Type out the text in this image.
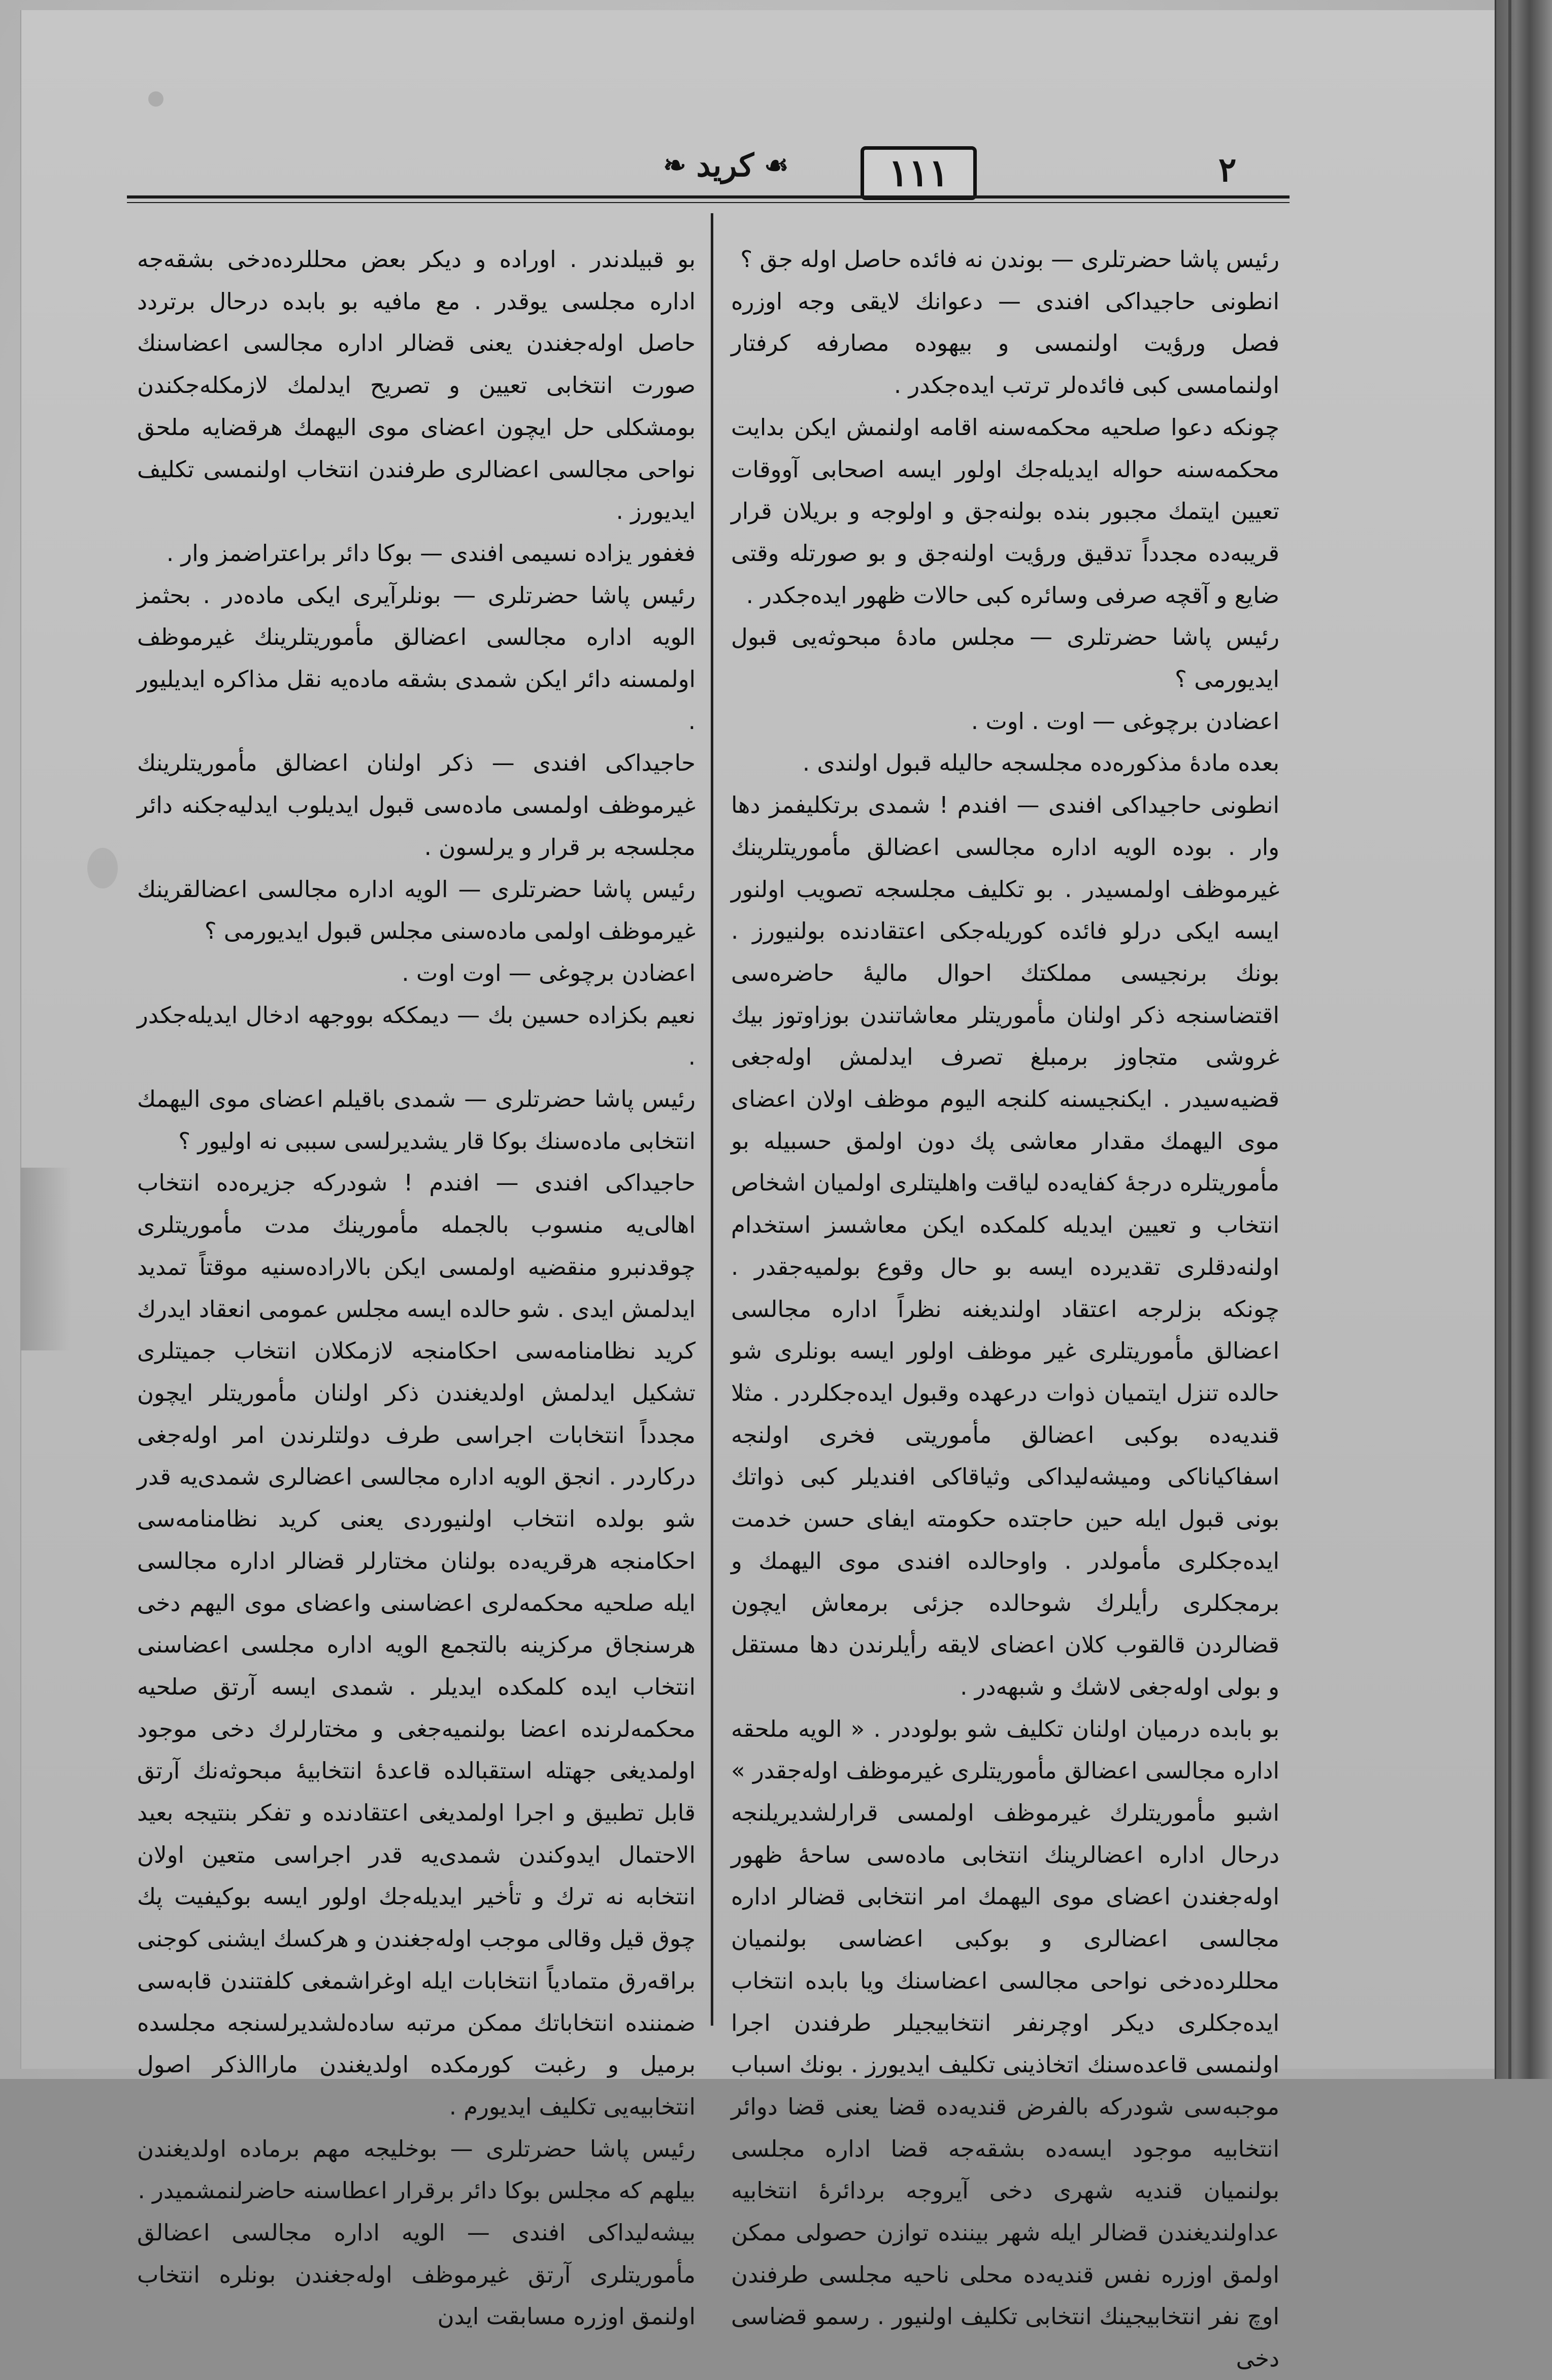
٢
❧ کرید ☙	١١١

رئیس پاشا حضرتلری — بوندن نه فائده حاصل اوله جق ؟

انطونی حاجیداکی افندی — دعوانك لایقی وجه اوزره فصل ورؤیت اولنمسی و بیهوده مصارفه کرفتار اولنمامسی کبی فائده‌لر ترتب ایده‌جکدر .

چونکه دعوا صلحیه محکمه‌سنه اقامه اولنمش ایکن بدایت محکمه‌سنه حواله ایدیله‌جك اولور ایسه اصحابی آووقات تعیین ایتمك مجبور بنده بولنه‌جق و اولوجه و بریلان قرار قریبه‌ده مجدداً تدقیق ورؤیت اولنه‌جق و بو صورتله وقتی ضایع و آقچه صرفی وسائره کبی حالات ظهور ایده‌جکدر .

رئیس پاشا حضرتلری — مجلس مادهٔ مبحوثه‌یی قبول ایدیورمی ؟

اعضادن برچوغی — اوت . اوت .

بعده مادهٔ مذکوره‌ده مجلسجه حالیله قبول اولندی .

انطونی حاجیداکی افندی — افندم ! شمدی برتکلیفمز دها وار . بوده الویه اداره مجالسی اعضالق مأموریتلرینك غیرموظف اولمسیدر . بو تکلیف مجلسجه تصویب اولنور ایسه ایکی درلو فائده کوریله‌جکی اعتقادنده بولنیورز . بونك برنجیسی مملکتك احوال مالیهٔ حاضره‌سی اقتضاسنجه ذکر اولنان مأموریتلر معاشاتندن بوزاوتوز بیك غروشی متجاوز برمبلغ تصرف ایدلمش اوله‌جغی قضیه‌سیدر . ایکنجیسنه کلنجه الیوم موظف اولان اعضای موی الیهمك مقدار معاشی پك دون اولمق حسبیله بو مأموریتلره درجهٔ کفایه‌ده لیاقت واهلیتلری اولمیان اشخاص انتخاب و تعیین ایدیله کلمکده ایکن معاشسز استخدام اولنه‌دقلری تقدیرده ایسه بو حال وقوع بولمیه‌جقدر . چونکه بزلرجه اعتقاد اولندیغنه نظراً اداره مجالسی اعضالق مأموریتلری غیر موظف اولور ایسه بونلری شو حالده تنزل ایتمیان ذوات درعهده وقبول ایده‌جکلردر . مثلا قندیه‌ده بوکبی اعضالق مأموریتی فخری اولنجه اسفاکیاناکی ومیشه‌لیداکی وثیاقاکی افندیلر کبی ذواتك بونی قبول ایله حین حاجتده حکومته ایفای حسن خدمت ایده‌جکلری مأمولدر . واوحالده افندی موی الیهمك و برمجکلری رأیلرك شوحالده جزئی برمعاش ایچون قضالردن قالقوب کلان اعضای لایقه رأیلرندن دها مستقل و بولی اوله‌جغی لاشك و شبهه‌در .

بو بابده درمیان اولنان تکلیف شو بولوددر . « الویه ملحقه اداره مجالسی اعضالق مأموریتلری غیرموظف اوله‌جقدر » اشبو مأموریتلرك غیرموظف اولمسی قرارلشدیریلنجه درحال اداره اعضالرینك انتخابی ماده‌سی ساحهٔ ظهور اوله‌جغندن اعضای موی الیهمك امر انتخابی قضالر اداره مجالسی اعضالری و بوکبی اعضاسی بولنمیان محللرده‌دخی نواحی مجالسی اعضاسنك ویا بابده انتخاب ایده‌جکلری دیکر اوچرنفر انتخابیجیلر طرفندن اجرا اولنمسی قاعده‌سنك اتخاذینی تکلیف ایدیورز . بونك اسباب موجبه‌سی شودرکه بالفرض قندیه‌ده قضا یعنی قضا دوائر انتخابیه موجود ایسه‌ده بشقه‌جه قضا اداره مجلسی بولنمیان قندیه شهری دخی آیروجه بردائرهٔ انتخابیه عداولندیغندن قضالر ایله شهر بیننده توازن حصولی ممکن اولمق اوزره نفس قندیه‌ده محلی ناحیه مجلسی طرفندن اوچ نفر انتخابیجینك انتخابی تکلیف اولنیور . رسمو قضاسی دخی

بو قبیلدندر . اوراده و دیکر بعض محللرده‌دخی بشقه‌جه اداره مجلسی یوقدر . مع مافیه بو بابده درحال برتردد حاصل اوله‌جغندن یعنی قضالر اداره مجالسی اعضاسنك صورت انتخابی تعیین و تصریح ایدلمك لازمکله‌جکندن بومشکلی حل ایچون اعضای موی الیهمك هرقضایه ملحق نواحی مجالسی اعضالری طرفندن انتخاب اولنمسی تکلیف ایدیورز .

فغفور یزاده نسیمی افندی — بوکا دائر براعتراضمز وار .

رئیس پاشا حضرتلری — بونلرآیری ایکی ماده‌در . بحثمز الویه اداره مجالسی اعضالق مأموریتلرینك غیرموظف اولمسنه دائر ایکن شمدی بشقه ماده‌یه نقل مذاکره ایدیلیور .

حاجیداکی افندی — ذکر اولنان اعضالق مأموریتلرینك غیرموظف اولمسی ماده‌سی قبول ایدیلوب ایدلیه‌جکنه دائر مجلسجه بر قرار و یرلسون .

رئیس پاشا حضرتلری — الویه اداره مجالسی اعضالقرینك غیرموظف اولمی ماده‌سنی مجلس قبول ایدیورمی ؟

اعضادن برچوغی — اوت اوت .

نعیم بکزاده حسین بك — دیمککه بووجهه ادخال ایدیله‌جکدر .

رئیس پاشا حضرتلری — شمدی باقیلم اعضای موی الیهمك انتخابی ماده‌سنك بوکا قار یشدیرلسی سببی نه اولیور ؟

حاجیداکی افندی — افندم ! شودرکه جزیره‌ده انتخاب اهالی‌یه منسوب بالجمله مأمورینك مدت مأموریتلری چوقدنبرو منقضیه اولمسی ایکن بالاراده‌سنیه موقتاً تمدید ایدلمش ایدی . شو حالده ایسه مجلس عمومی انعقاد ایدرك کرید نظامنامه‌سی احکامنجه لازمکلان انتخاب جمیتلری تشکیل ایدلمش اولدیغندن ذکر اولنان مأموریتلر ایچون مجدداً انتخابات اجراسی طرف دولتلرندن امر اوله‌جغی درکاردر . انجق الویه اداره مجالسی اعضالری شمدی‌یه قدر شو بولده انتخاب اولنیوردی یعنی کرید نظامنامه‌سی احکامنجه هرقریه‌ده بولنان مختارلر قضالر اداره مجالسی ایله صلحیه محکمه‌لری اعضاسنی واعضای موی الیهم دخی هرسنجاق مرکزینه بالتجمع الویه اداره مجلسی اعضاسنی انتخاب ایده کلمکده ایدیلر . شمدی ایسه آرتق صلحیه محکمه‌لرنده اعضا بولنمیه‌جغی و مختارلرك دخی موجود اولمدیغی جهتله استقبالده قاعدهٔ انتخابیهٔ مبحوثه‌نك آرتق قابل تطبیق و اجرا اولمدیغی اعتقادنده و تفکر بنتیجه بعید الاحتمال ایدوکندن شمدی‌یه قدر اجراسی متعین اولان انتخابه نه ترك و تأخیر ایدیله‌جك اولور ایسه بوکیفیت پك چوق قیل وقالی موجب اوله‌جغندن و هرکسك ایشنی کوجنی براقه‌رق متمادیاً انتخابات ایله اوغراشمغی کلفتندن قابه‌سی ضمننده انتخاباتك ممکن مرتبه ساده‌لشدیرلسنجه مجلسده برمیل و رغبت کورمکده اولدیغندن ماراالذکر اصول انتخابیه‌یی تکلیف ایدیورم .

رئیس پاشا حضرتلری — بوخلیجه مهم برماده اولدیغندن بیلهم که مجلس بوکا دائر برقرار اعطاسنه حاضرلنمشمیدر .

بیشه‌لیداکی افندی — الویه اداره مجالسی اعضالق مأموریتلری آرتق غیرموظف اوله‌جغندن بونلره انتخاب اولنمق اوزره مسابقت ایدن
